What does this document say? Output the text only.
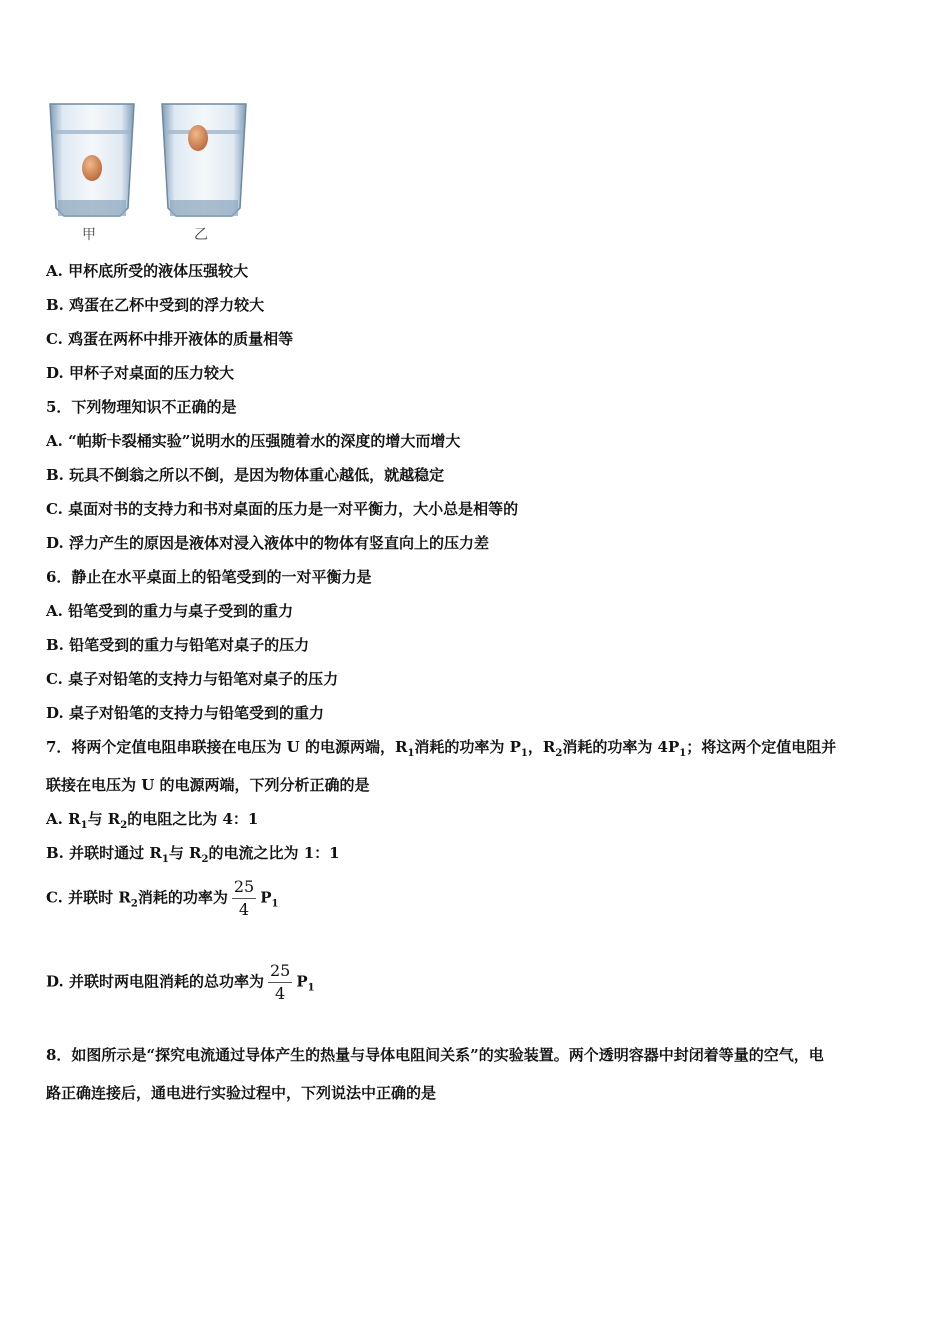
甲	乙
A. 甲杯底所受的液体压强较大
B. 鸡蛋在乙杯中受到的浮力较大
C. 鸡蛋在两杯中排开液体的质量相等
D. 甲杯子对桌面的压力较大
5．下列物理知识不正确的是
A. “帕斯卡裂桶实验”说明水的压强随着水的深度的增大而增大
B. 玩具不倒翁之所以不倒，是因为物体重心越低，就越稳定
C. 桌面对书的支持力和书对桌面的压力是一对平衡力，大小总是相等的
D. 浮力产生的原因是液体对浸入液体中的物体有竖直向上的压力差
6．静止在水平桌面上的铅笔受到的一对平衡力是
A. 铅笔受到的重力与桌子受到的重力
B. 铅笔受到的重力与铅笔对桌子的压力
C. 桌子对铅笔的支持力与铅笔对桌子的压力
D. 桌子对铅笔的支持力与铅笔受到的重力
7．将两个定值电阻串联接在电压为 U 的电源两端，$R_1$消耗的功率为 $P_1$，$R_2$消耗的功率为 $4P_1$；将这两个定值电阻并
联接在电压为 U 的电源两端，下列分析正确的是
A. $R_1$与 $R_2$的电阻之比为 4：1
B. 并联时通过 $R_1$与 $R_2$的电流之比为 1：1
C. 并联时 $R_2$消耗的功率为 $\frac{25}{4} P_1$
D. 并联时两电阻消耗的总功率为 $\frac{25}{4} P_1$
8．如图所示是“探究电流通过导体产生的热量与导体电阻间关系”的实验装置。两个透明容器中封闭着等量的空气，电
路正确连接后，通电进行实验过程中，下列说法中正确的是
